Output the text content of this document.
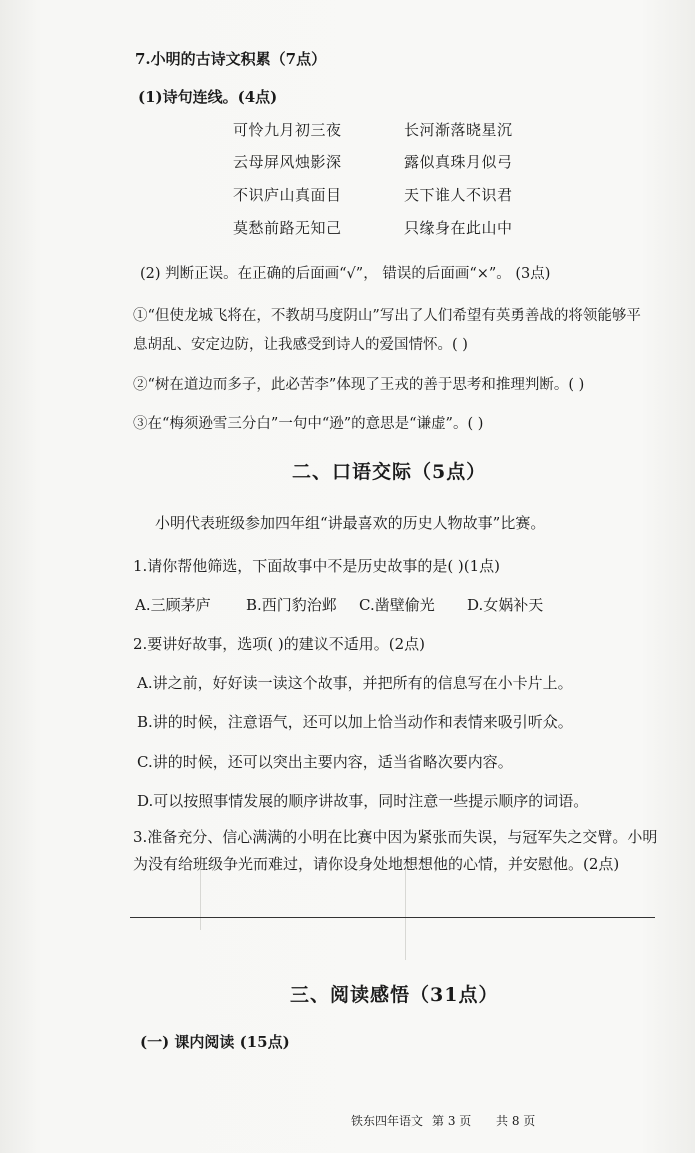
7.小明的古诗文积累（7点）
(1)诗句连线。(4点)
可怜九月初三夜
云母屏风烛影深
不识庐山真面目
莫愁前路无知己
长河渐落晓星沉
露似真珠月似弓
天下谁人不识君
只缘身在此山中
(2) 判断正误。在正确的后面画“√”， 错误的后面画“×”。 (3点)
①“但使龙城飞将在，不教胡马度阴山”写出了人们希望有英勇善战的将领能够平
息胡乱、安定边防，让我感受到诗人的爱国情怀。( )
②“树在道边而多子，此必苦李”体现了王戎的善于思考和推理判断。( )
③在“梅须逊雪三分白”一句中“逊”的意思是“谦虚”。( )
二、口语交际（5点）
小明代表班级参加四年组“讲最喜欢的历史人物故事”比赛。
1.请你帮他筛选，下面故事中不是历史故事的是( )(1点)
A.三顾茅庐 B.西门豹治邺 C.凿壁偷光 D.女娲补天
2.要讲好故事，选项( )的建议不适用。(2点)
A.讲之前，好好读一读这个故事，并把所有的信息写在小卡片上。
B.讲的时候，注意语气，还可以加上恰当动作和表情来吸引听众。
C.讲的时候，还可以突出主要内容，适当省略次要内容。
D.可以按照事情发展的顺序讲故事，同时注意一些提示顺序的词语。
3.准备充分、信心满满的小明在比赛中因为紧张而失误，与冠军失之交臂。小明
为没有给班级争光而难过，请你设身处地想想他的心情，并安慰他。(2点)
三、阅读感悟（31点）
(一) 课内阅读 (15点)
铁东四年语文 第 3 页 共 8 页
